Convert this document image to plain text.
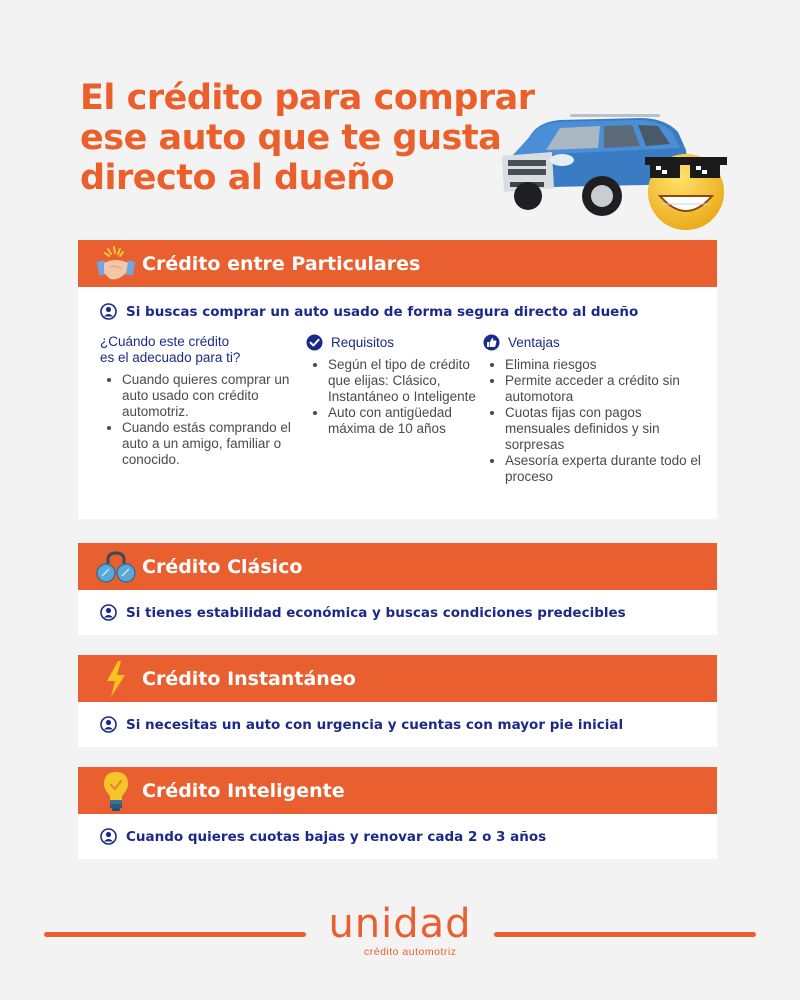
El crédito para comprar
ese auto que te gusta
directo al dueño
Crédito entre Particulares
Si buscas comprar un auto usado de forma segura directo al dueño
¿Cuándo este crédito
es el adecuado para ti?
Cuando quieres comprar un auto usado con crédito automotriz.
Cuando estás comprando el auto a un amigo, familiar o conocido.
Requisitos
Según el tipo de crédito que elijas: Clásico, Instantáneo o Inteligente
Auto con antigüedad máxima de 10 años
Ventajas
Elimina riesgos
Permite acceder a crédito sin automotora
Cuotas fijas con pagos mensuales definidos y sin sorpresas
Asesoría experta durante todo el proceso
Crédito Clásico
Si tienes estabilidad económica y buscas condiciones predecibles
Crédito Instantáneo
Si necesitas un auto con urgencia y cuentas con mayor pie inicial
Crédito Inteligente
Cuando quieres cuotas bajas y renovar cada 2 o 3 años
unidad
crédito automotriz
